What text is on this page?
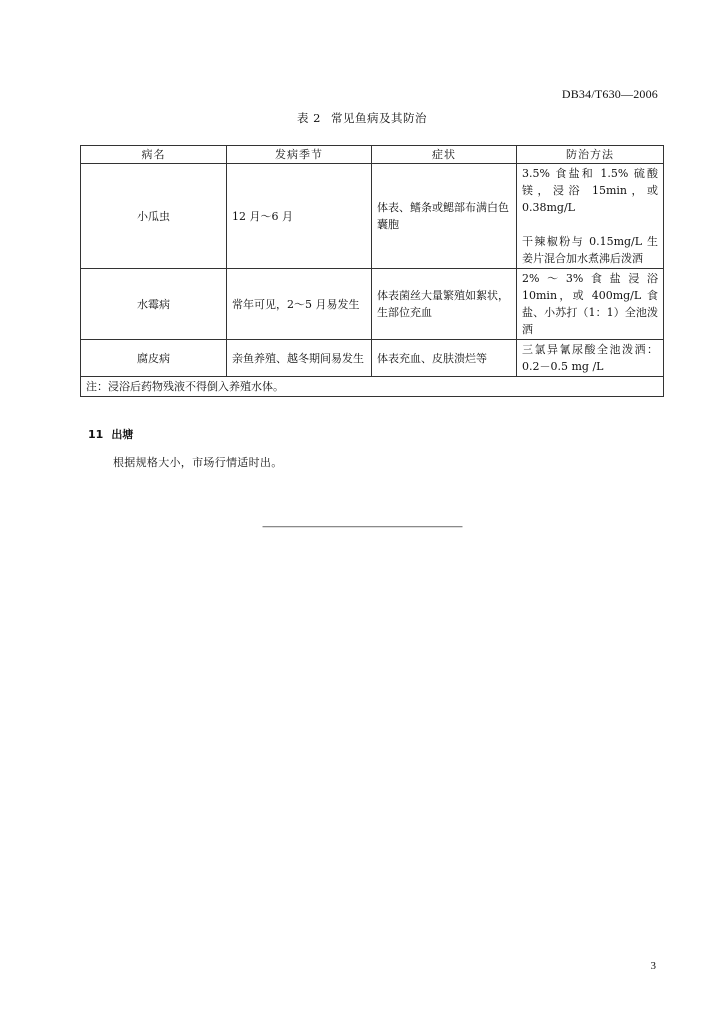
DB34/T630—2006
表 2 常见鱼病及其防治
病名	发病季节	症状	防治方法
小瓜虫	12 月～6 月	体表、鳍条或鳃部布满白色囊胞	3.5% 食盐和 1.5% 硫酸镁，浸浴 15min，或 0.38mg/L
干辣椒粉与 0.15mg/L 生姜片混合加水煮沸后泼洒

水霉病	常年可见，2～5 月易发生	体表菌丝大量繁殖如絮状， 生部位充血	2%～3%食盐浸浴 10min，或 400mg/L 食盐、小苏打（1：1）全池泼洒
腐皮病	亲鱼养殖、越冬期间易发生	体表充血、皮肤溃烂等	三氯异氰尿酸全池泼洒：0.2－0.5 mg /L
注：浸浴后药物残液不得倒入养殖水体。			
11 出塘
根据规格大小，市场行情适时出。
————————————————————
3
